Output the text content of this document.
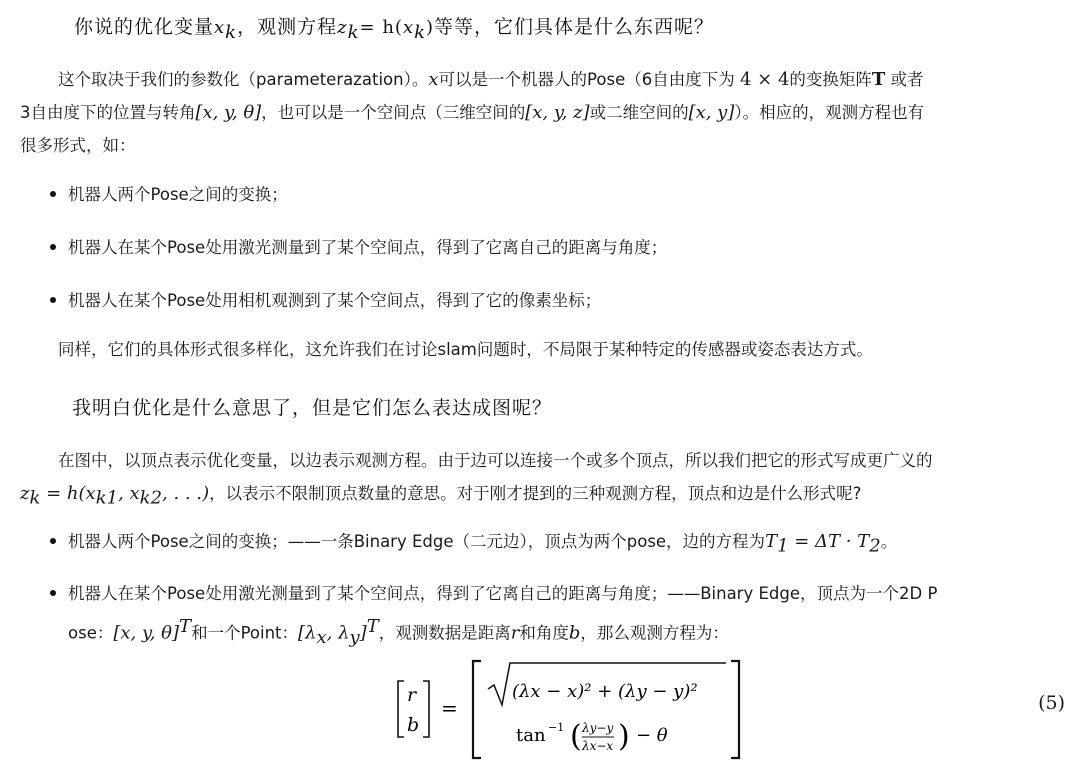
你说的优化变量$x_k$，观测方程$z_k= h(x_k)$等等，它们具体是什么东西呢？
这个取决于我们的参数化（parameterazation）。x可以是一个机器人的Pose（6自由度下为 4 × 4的变换矩阵T 或者
3自由度下的位置与转角[x, y, θ]，也可以是一个空间点（三维空间的[x, y, z]或二维空间的[x, y]）。相应的，观测方程也有
很多形式，如：
机器人两个Pose之间的变换；
机器人在某个Pose处用激光测量到了某个空间点，得到了它离自己的距离与角度；
机器人在某个Pose处用相机观测到了某个空间点，得到了它的像素坐标；
同样，它们的具体形式很多样化，这允许我们在讨论slam问题时，不局限于某种特定的传感器或姿态表达方式。
我明白优化是什么意思了，但是它们怎么表达成图呢？
在图中，以顶点表示优化变量，以边表示观测方程。由于边可以连接一个或多个顶点，所以我们把它的形式写成更广义的
$z_k = h(x_{k1}$, $x_{k2}$, . . .)，以表示不限制顶点数量的意思。对于刚才提到的三种观测方程，顶点和边是什么形式呢?
机器人两个Pose之间的变换；——一条Binary Edge（二元边），顶点为两个pose，边的方程为$T_1 = \Delta T \cdot T_2$。
机器人在某个Pose处用激光测量到了某个空间点，得到了它离自己的距离与角度；——Binary Edge，顶点为一个2D P
ose：[x, y, θ]$^T$和一个Point：[$\lambda_x$, $\lambda_y]^T$，观测数据是距离r和角度b，那么观测方程为：
r
b
=
(λx − x)² + (λy − y)²
tan −1 ( λy−y
λx−x ) − θ
(5)
